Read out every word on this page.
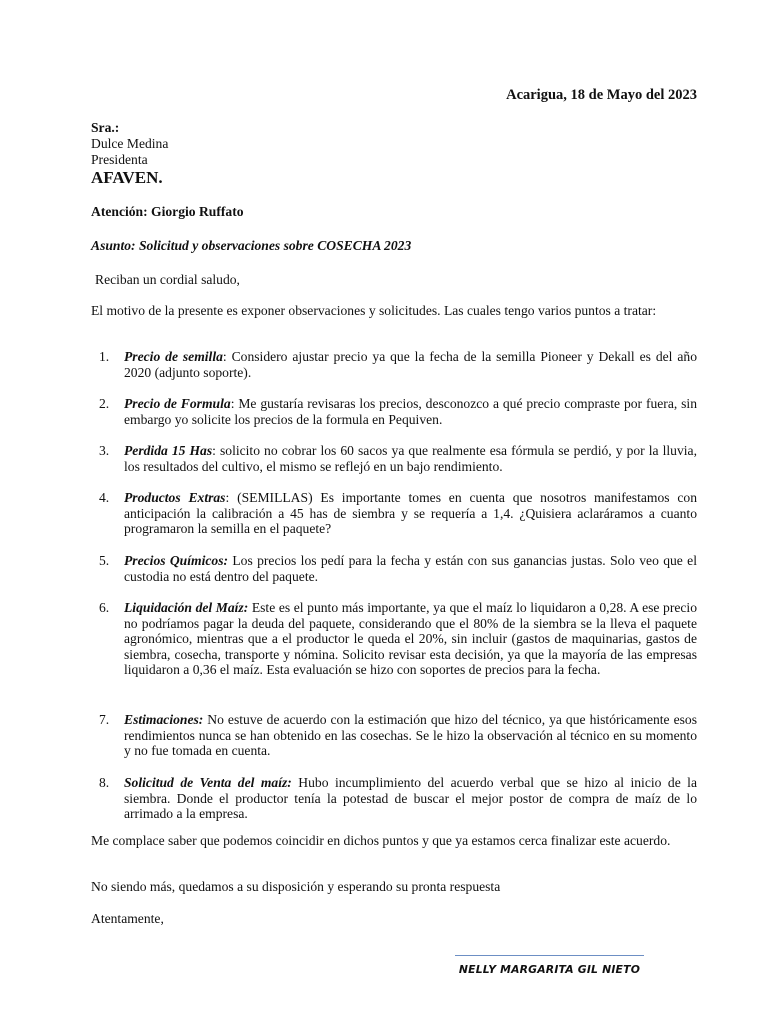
Acarigua, 18 de Mayo del 2023
Sra.:
Dulce Medina
Presidenta
AFAVEN.
Atención: Giorgio Ruffato
Asunto: Solicitud y observaciones sobre COSECHA 2023
Reciban un cordial saludo,
El motivo de la presente es exponer observaciones y solicitudes. Las cuales tengo varios puntos a tratar:
1. Precio de semilla: Considero ajustar precio ya que la fecha de la semilla Pioneer y Dekall es del año 2020 (adjunto soporte).
2. Precio de Formula: Me gustaría revisaras los precios, desconozco a qué precio compraste por fuera, sin embargo yo solicite los precios de la formula en Pequiven.
3. Perdida 15 Has: solicito no cobrar los 60 sacos ya que realmente esa fórmula se perdió, y por la lluvia, los resultados del cultivo, el mismo se reflejó en un bajo rendimiento.
4. Productos Extras: (SEMILLAS) Es importante tomes en cuenta que nosotros manifestamos con anticipación la calibración a 45 has de siembra y se requería a 1,4. ¿Quisiera aclaráramos a cuanto programaron la semilla en el paquete?
5. Precios Químicos: Los precios los pedí para la fecha y están con sus ganancias justas. Solo veo que el custodia no está dentro del paquete.
6. Liquidación del Maíz: Este es el punto más importante, ya que el maíz lo liquidaron a 0,28. A ese precio no podríamos pagar la deuda del paquete, considerando que el 80% de la siembra se la lleva el paquete agronómico, mientras que a el productor le queda el 20%, sin incluir (gastos de maquinarias, gastos de siembra, cosecha, transporte y nómina. Solicito revisar esta decisión, ya que la mayoría de las empresas liquidaron a 0,36 el maíz. Esta evaluación se hizo con soportes de precios para la fecha.
7. Estimaciones: No estuve de acuerdo con la estimación que hizo del técnico, ya que históricamente esos rendimientos nunca se han obtenido en las cosechas. Se le hizo la observación al técnico en su momento y no fue tomada en cuenta.
8. Solicitud de Venta del maíz: Hubo incumplimiento del acuerdo verbal que se hizo al inicio de la siembra. Donde el productor tenía la potestad de buscar el mejor postor de compra de maíz de lo arrimado a la empresa.
Me complace saber que podemos coincidir en dichos puntos y que ya estamos cerca finalizar este acuerdo.
No siendo más, quedamos a su disposición y esperando su pronta respuesta
Atentamente,
NELLY MARGARITA GIL NIETO
